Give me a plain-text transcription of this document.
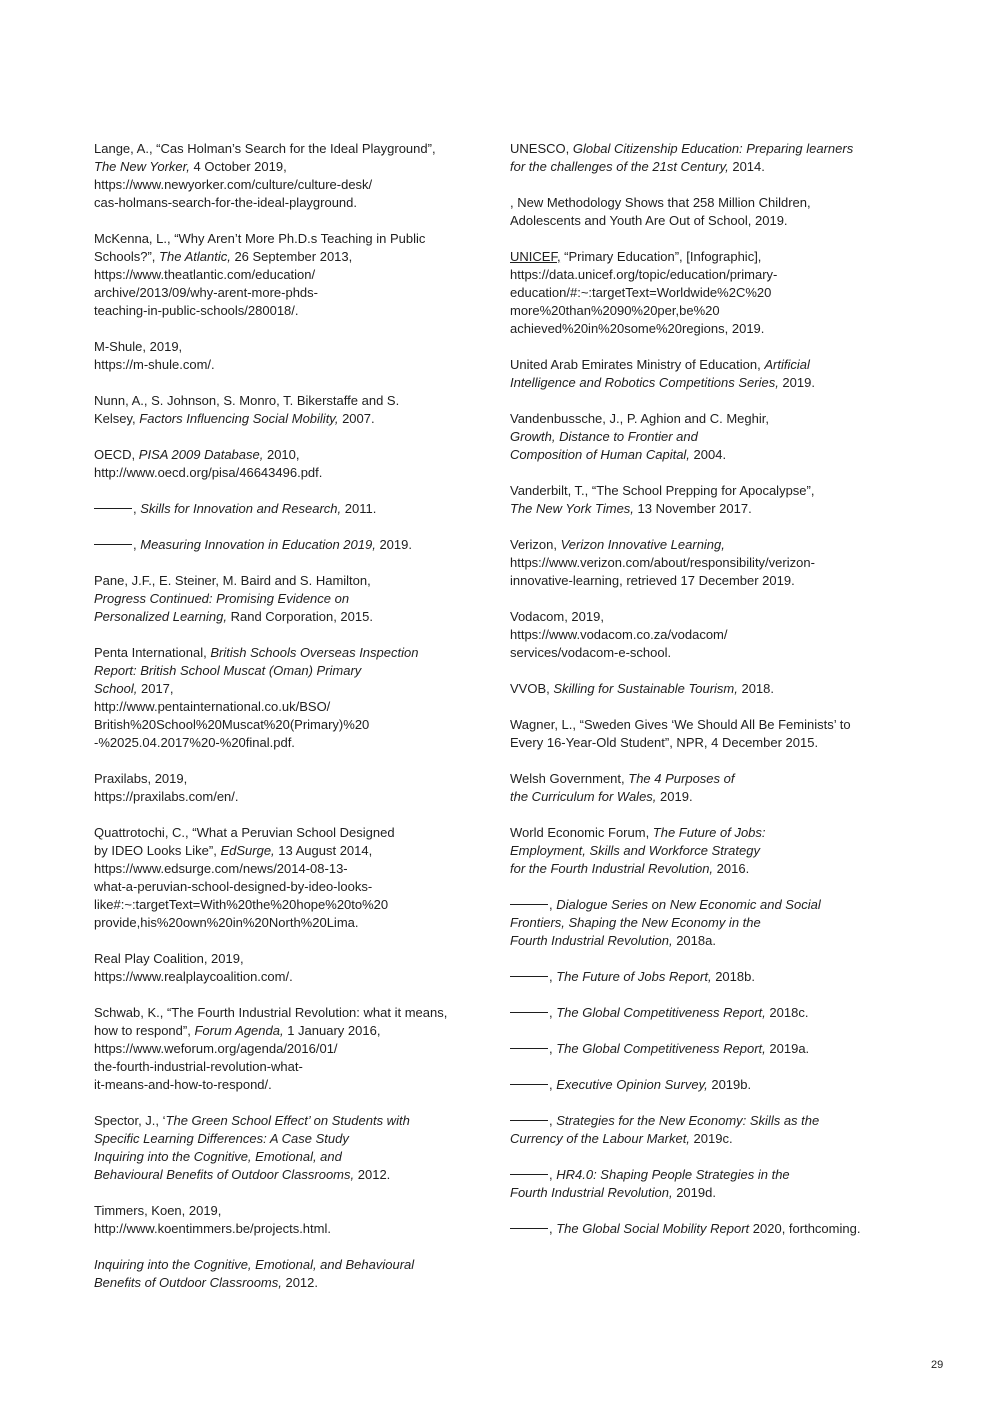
Lange, A., “Cas Holman’s Search for the Ideal Playground”,
The New Yorker, 4 October 2019,
https://www.newyorker.com/culture/culture-desk/
cas-holmans-search-for-the-ideal-playground.

McKenna, L., “Why Aren’t More Ph.D.s Teaching in Public
Schools?”, The Atlantic, 26 September 2013,
https://www.theatlantic.com/education/
archive/2013/09/why-arent-more-phds-
teaching-in-public-schools/280018/.

M-Shule, 2019,
https://m-shule.com/.

Nunn, A., S. Johnson, S. Monro, T. Bikerstaffe and S.
Kelsey, Factors Influencing Social Mobility, 2007.

OECD, PISA 2009 Database, 2010,
http://www.oecd.org/pisa/46643496.pdf.

, Skills for Innovation and Research, 2011.

, Measuring Innovation in Education 2019, 2019.

Pane, J.F., E. Steiner, M. Baird and S. Hamilton,
Progress Continued: Promising Evidence on
Personalized Learning, Rand Corporation, 2015.

Penta International, British Schools Overseas Inspection
Report: British School Muscat (Oman) Primary
School, 2017,
http://www.pentainternational.co.uk/BSO/
British%20School%20Muscat%20(Primary)%20
-%2025.04.2017%20-%20final.pdf.

Praxilabs, 2019,
https://praxilabs.com/en/.

Quattrotochi, C., “What a Peruvian School Designed
by IDEO Looks Like”, EdSurge, 13 August 2014,
https://www.edsurge.com/news/2014-08-13-
what-a-peruvian-school-designed-by-ideo-looks-
like#:~:targetText=With%20the%20hope%20to%20
provide,his%20own%20in%20North%20Lima.

Real Play Coalition, 2019,
https://www.realplaycoalition.com/.

Schwab, K., “The Fourth Industrial Revolution: what it means,
how to respond”, Forum Agenda, 1 January 2016,
https://www.weforum.org/agenda/2016/01/
the-fourth-industrial-revolution-what-
it-means-and-how-to-respond/.

Spector, J., ‘The Green School Effect’ on Students with
Specific Learning Differences: A Case Study
Inquiring into the Cognitive, Emotional, and
Behavioural Benefits of Outdoor Classrooms, 2012.

Timmers, Koen, 2019,
http://www.koentimmers.be/projects.html.

Inquiring into the Cognitive, Emotional, and Behavioural
Benefits of Outdoor Classrooms, 2012.

UNESCO, Global Citizenship Education: Preparing learners
for the challenges of the 21st Century, 2014.

, New Methodology Shows that 258 Million Children,
Adolescents and Youth Are Out of School, 2019.

UNICEF, “Primary Education”, [Infographic],
https://data.unicef.org/topic/education/primary-
education/#:~:targetText=Worldwide%2C%20
more%20than%2090%20per,be%20
achieved%20in%20some%20regions, 2019.

United Arab Emirates Ministry of Education, Artificial
Intelligence and Robotics Competitions Series, 2019.

Vandenbussche, J., P. Aghion and C. Meghir,
Growth, Distance to Frontier and
Composition of Human Capital, 2004.

Vanderbilt, T., “The School Prepping for Apocalypse”,
The New York Times, 13 November 2017.

Verizon, Verizon Innovative Learning,
https://www.verizon.com/about/responsibility/verizon-
innovative-learning, retrieved 17 December 2019.

Vodacom, 2019,
https://www.vodacom.co.za/vodacom/
services/vodacom-e-school.

VVOB, Skilling for Sustainable Tourism, 2018.

Wagner, L., “Sweden Gives ‘We Should All Be Feminists’ to
Every 16-Year-Old Student”, NPR, 4 December 2015.

Welsh Government, The 4 Purposes of
the Curriculum for Wales, 2019.

World Economic Forum, The Future of Jobs:
Employment, Skills and Workforce Strategy
for the Fourth Industrial Revolution, 2016.

, Dialogue Series on New Economic and Social
Frontiers, Shaping the New Economy in the
Fourth Industrial Revolution, 2018a.

, The Future of Jobs Report, 2018b.

, The Global Competitiveness Report, 2018c.

, The Global Competitiveness Report, 2019a.

, Executive Opinion Survey, 2019b.

, Strategies for the New Economy: Skills as the
Currency of the Labour Market, 2019c.

, HR4.0: Shaping People Strategies in the
Fourth Industrial Revolution, 2019d.

, The Global Social Mobility Report 2020, forthcoming.

29
